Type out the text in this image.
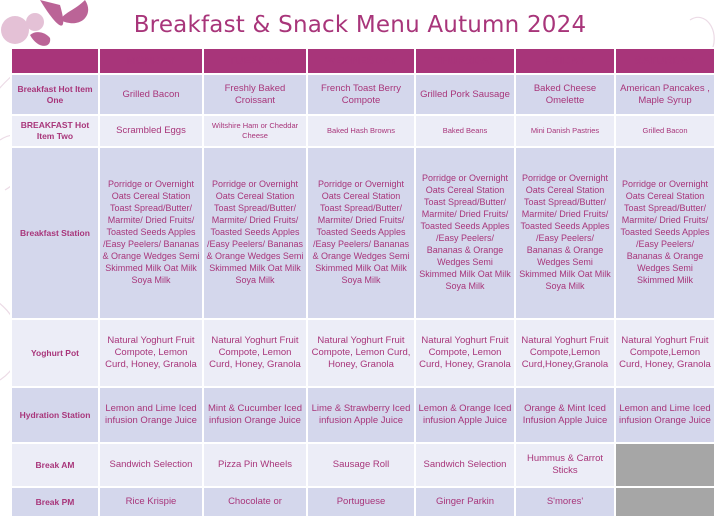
Breakfast & Snack Menu Autumn 2024
	MONDAY	TUESDAY	WEDNESDAY	THURSDAY	FRIDAY	SATURDAY
Breakfast Hot Item One	Grilled Bacon	Freshly Baked Croissant	French Toast Berry Compote	Grilled Pork Sausage	Baked Cheese Omelette	American Pancakes , Maple Syrup
BREAKFAST Hot Item Two	Scrambled Eggs	Wiltshire Ham or Cheddar Cheese	Baked Hash Browns	Baked Beans	Mini Danish Pastries	Grilled Bacon
Breakfast Station	Porridge or Overnight Oats Cereal Station Toast Spread/Butter/ Marmite/ Dried Fruits/ Toasted Seeds Apples /Easy Peelers/ Bananas & Orange Wedges Semi Skimmed Milk Oat Milk Soya Milk	Porridge or Overnight Oats Cereal Station Toast Spread/Butter/ Marmite/ Dried Fruits/ Toasted Seeds Apples /Easy Peelers/ Bananas & Orange Wedges Semi Skimmed Milk Oat Milk Soya Milk	Porridge or Overnight Oats Cereal Station Toast Spread/Butter/ Marmite/ Dried Fruits/ Toasted Seeds Apples /Easy Peelers/ Bananas & Orange Wedges Semi Skimmed Milk Oat Milk Soya Milk	Porridge or Overnight Oats Cereal Station Toast Spread/Butter/ Marmite/ Dried Fruits/ Toasted Seeds Apples /Easy Peelers/ Bananas & Orange Wedges Semi Skimmed Milk Oat Milk Soya Milk	Porridge or Overnight Oats Cereal Station Toast Spread/Butter/ Marmite/ Dried Fruits/ Toasted Seeds Apples /Easy Peelers/ Bananas & Orange Wedges Semi Skimmed Milk Oat Milk Soya Milk	Porridge or Overnight Oats Cereal Station Toast Spread/Butter/ Marmite/ Dried Fruits/ Toasted Seeds Apples /Easy Peelers/ Bananas & Orange Wedges Semi Skimmed Milk
Yoghurt Pot	Natural Yoghurt Fruit Compote, Lemon Curd, Honey, Granola	Natural Yoghurt Fruit Compote, Lemon Curd, Honey, Granola	Natural Yoghurt Fruit Compote, Lemon Curd, Honey, Granola	Natural Yoghurt Fruit Compote, Lemon Curd, Honey, Granola	Natural Yoghurt Fruit Compote,Lemon Curd,Honey,Granola	Natural Yoghurt Fruit Compote,Lemon Curd, Honey, Granola
Hydration Station	Lemon and Lime Iced infusion Orange Juice	Mint & Cucumber Iced infusion Orange Juice	Lime & Strawberry Iced infusion Apple Juice	Lemon & Orange Iced infusion Apple Juice	Orange & Mint Iced Infusion Apple Juice	Lemon and Lime Iced infusion Orange Juice
Break AM	Sandwich Selection	Pizza Pin Wheels	Sausage Roll	Sandwich Selection	Hummus & Carrot Sticks	
Break PM	Rice Krispie	Chocolate or	Portuguese	Ginger Parkin	S'mores'	
